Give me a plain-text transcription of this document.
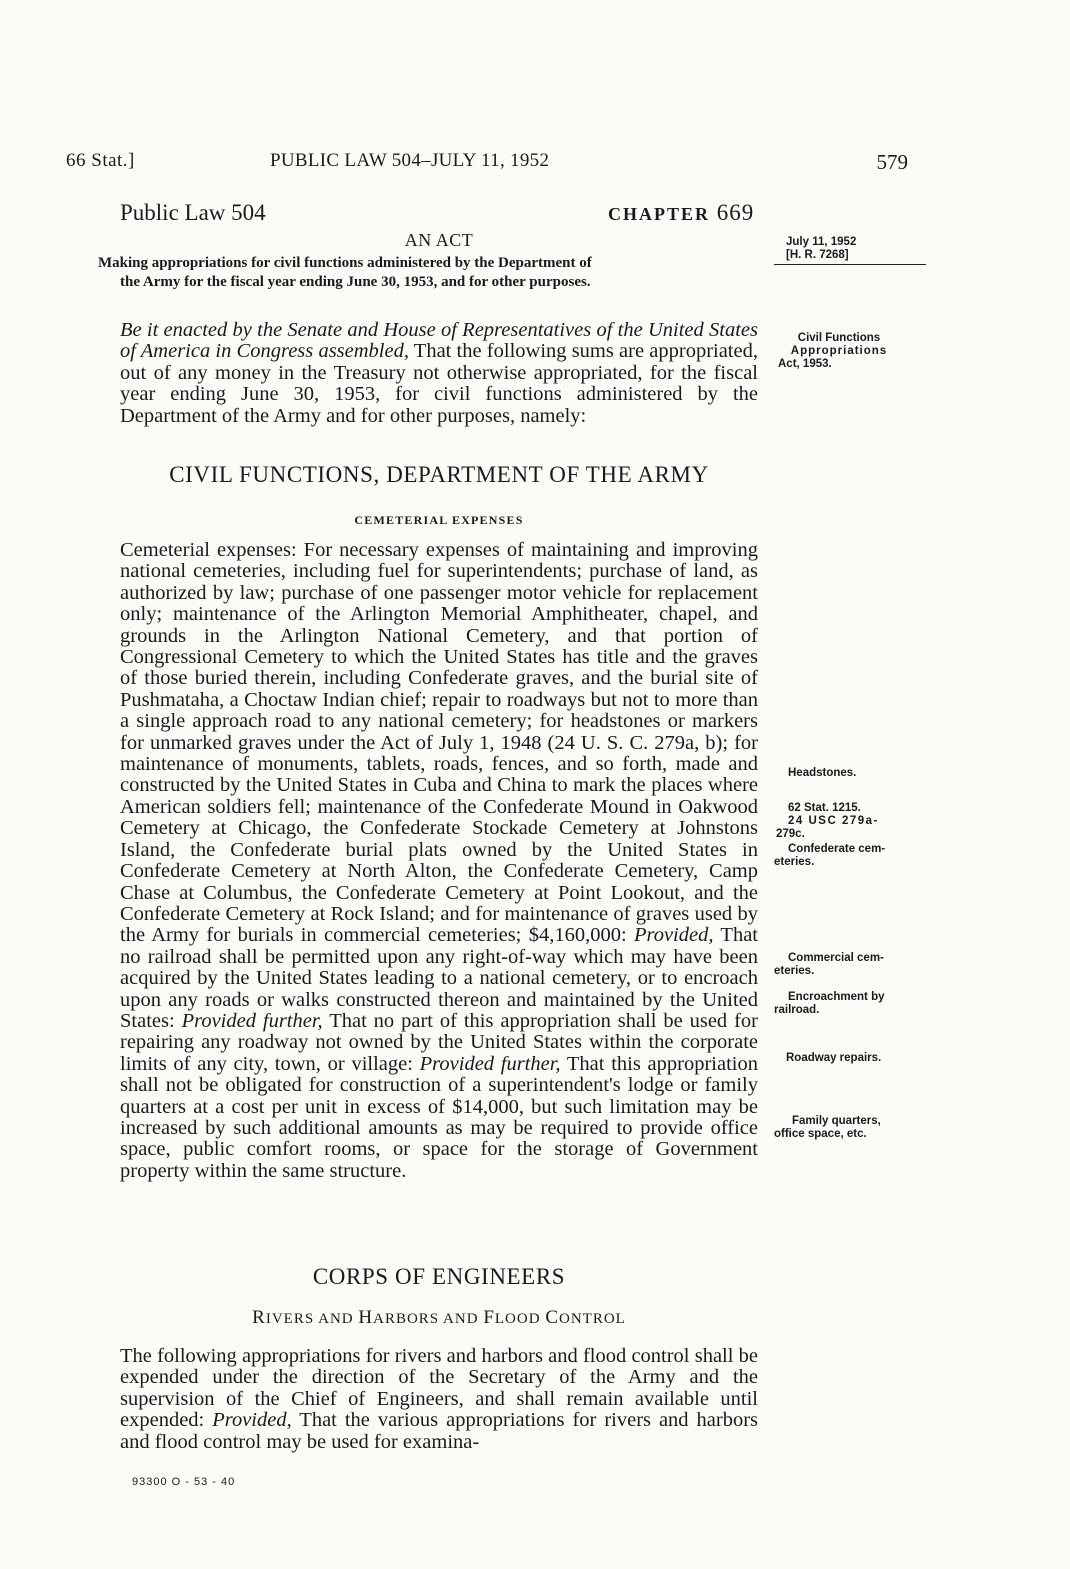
66 Stat.]	PUBLIC LAW 504–JULY 11, 1952	579
Public Law 504	CHAPTER 669
AN ACT
Making appropriations for civil functions administered by the Department of
the Army for the fiscal year ending June 30, 1953, and for other purposes.
July 11, 1952
[H. R. 7268]
Civil Functions
Appropriations
Act, 1953.
Headstones.
62 Stat. 1215.
24 USC 279a-
279c.
Confederate cem-
eteries.
Commercial cem-
eteries.
Encroachment by
railroad.
Roadway repairs.
Family quarters,
office space, etc.

Be it enacted by the Senate and House of Representatives of the United States of America in Congress assembled, That the following sums are appropriated, out of any money in the Treasury not otherwise appropriated, for the fiscal year ending June 30, 1953, for civil functions administered by the Department of the Army and for other purposes, namely:

CIVIL FUNCTIONS, DEPARTMENT OF THE ARMY
CEMETERIAL EXPENSES

Cemeterial expenses: For necessary expenses of maintaining and improving national cemeteries, including fuel for superintendents; purchase of land, as authorized by law; purchase of one passenger motor vehicle for replacement only; maintenance of the Arlington Memorial Amphitheater, chapel, and grounds in the Arlington National Cemetery, and that portion of Congressional Cemetery to which the United States has title and the graves of those buried therein, including Confederate graves, and the burial site of Pushmataha, a Choctaw Indian chief; repair to roadways but not to more than a single approach road to any national cemetery; for headstones or markers for unmarked graves under the Act of July 1, 1948 (24 U. S. C. 279a, b); for maintenance of monuments, tablets, roads, fences, and so forth, made and constructed by the United States in Cuba and China to mark the places where American soldiers fell; maintenance of the Confederate Mound in Oakwood Cemetery at Chicago, the Confederate Stockade Cemetery at Johnstons Island, the Confederate burial plats owned by the United States in Confederate Cemetery at North Alton, the Confederate Cemetery, Camp Chase at Columbus, the Confederate Cemetery at Point Lookout, and the Confederate Cemetery at Rock Island; and for maintenance of graves used by the Army for burials in commercial cemeteries; $4,160,000: Provided, That no railroad shall be permitted upon any right-of-way which may have been acquired by the United States leading to a national cemetery, or to encroach upon any roads or walks constructed thereon and maintained by the United States: Provided further, That no part of this appropriation shall be used for repairing any roadway not owned by the United States within the corporate limits of any city, town, or village: Provided further, That this appropriation shall not be obligated for construction of a superintendent's lodge or family quarters at a cost per unit in excess of $14,000, but such limitation may be increased by such additional amounts as may be required to provide office space, public comfort rooms, or space for the storage of Government property within the same structure.

CORPS OF ENGINEERS
RIVERS AND HARBORS AND FLOOD CONTROL

The following appropriations for rivers and harbors and flood control shall be expended under the direction of the Secretary of the Army and the supervision of the Chief of Engineers, and shall remain available until expended: Provided, That the various appropriations for rivers and harbors and flood control may be used for examina-

93300 O - 53 - 40
